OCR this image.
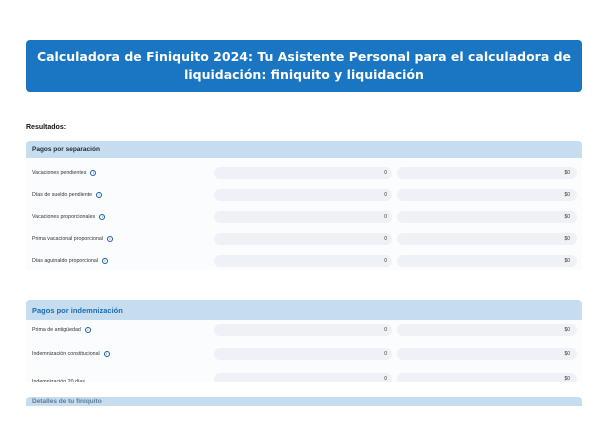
Calculadora de Finiquito 2024: Tu Asistente Personal para el calculadora de liquidación: finiquito y liquidación
Resultados:
Pagos por separación
Vacaciones pendientes	i	0	$0
Días de sueldo pendiente	i	0	$0
Vacaciones proporcionales	i	0	$0
Prima vacacional proporcional	i	0	$0
Días aguinaldo proporcional	i	0	$0
Pagos por indemnización
Prima de antigüedad	i	0	$0
Indemnización constitucional	i	0	$0
Indemnización 20 días	0	$0
Detalles de tu finiquito
